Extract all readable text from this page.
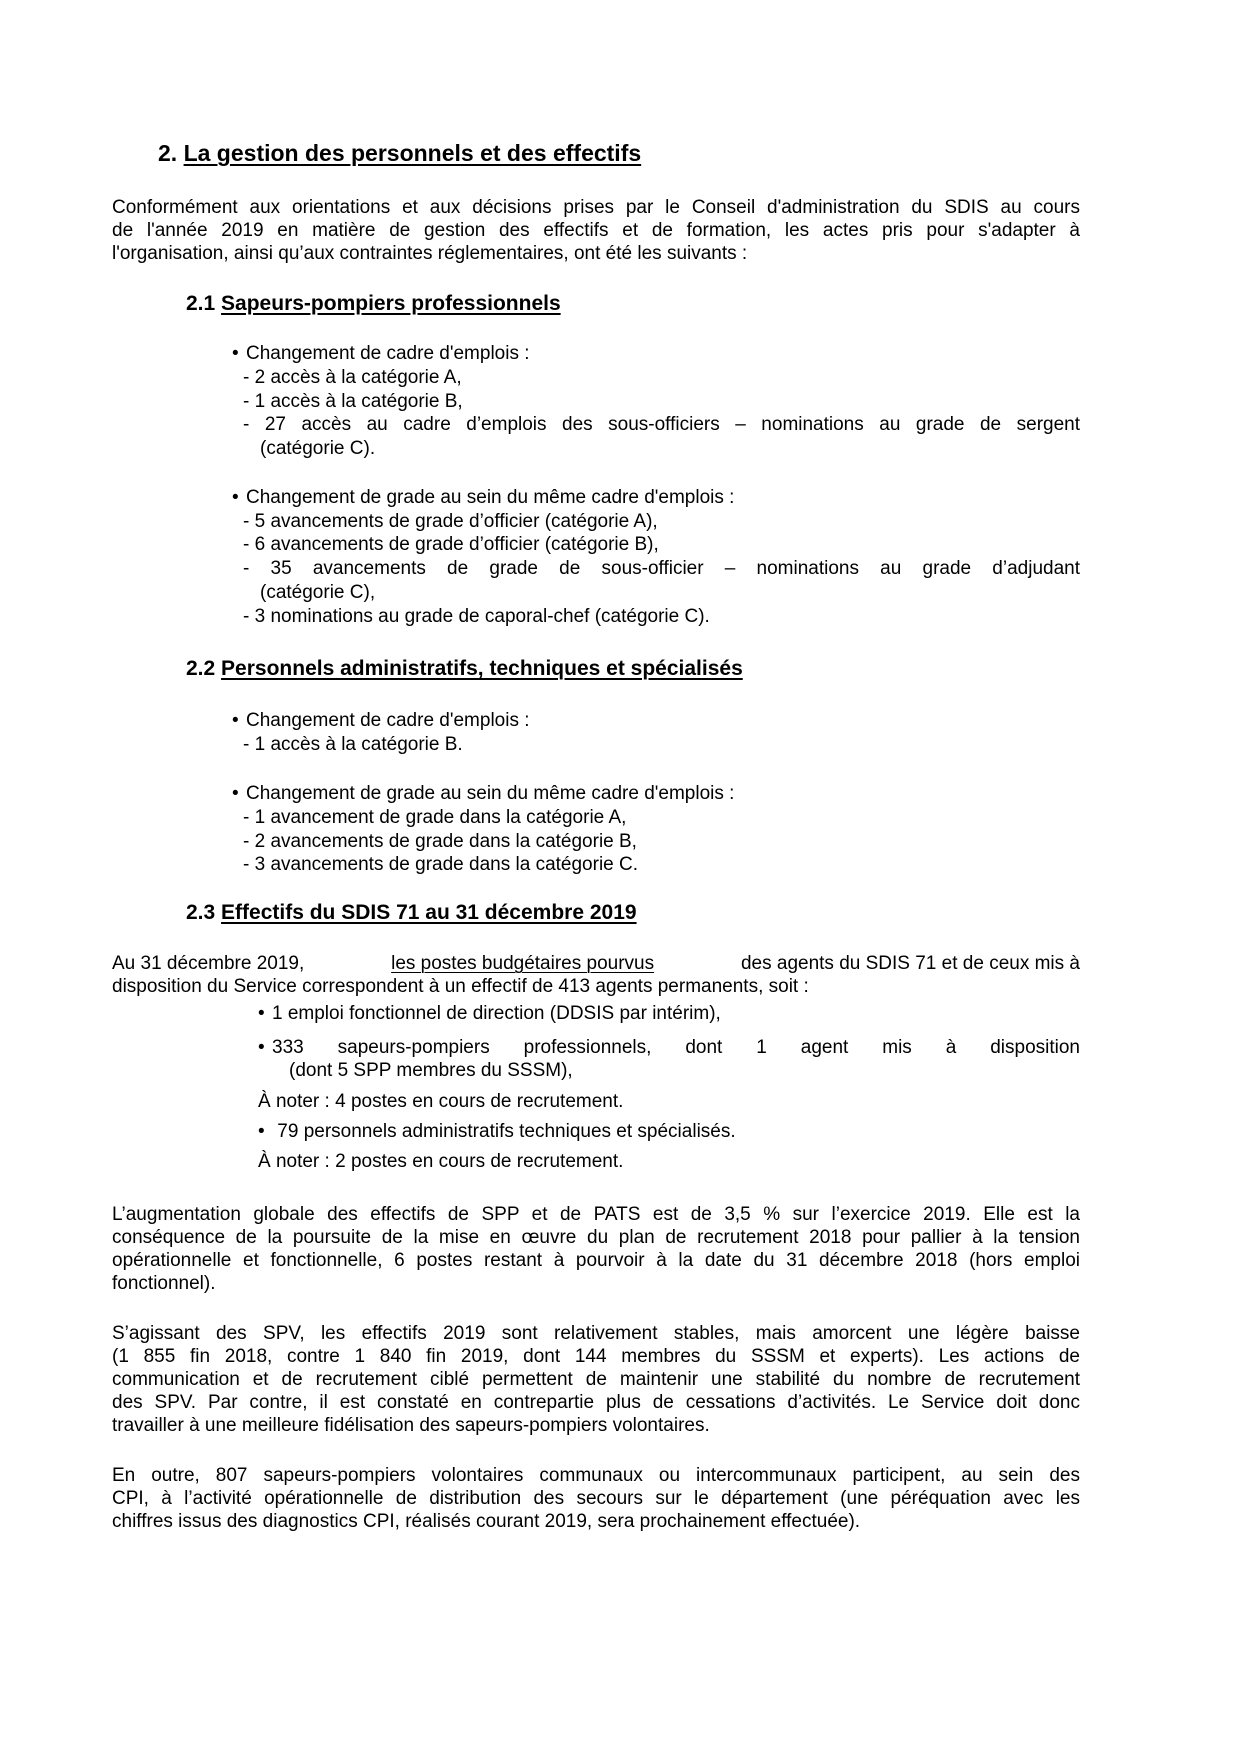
2. La gestion des personnels et des effectifs
Conformément aux orientations et aux décisions prises par le Conseil d'administration du SDIS au cours
de l'année 2019 en matière de gestion des effectifs et de formation, les actes pris pour s'adapter à
l'organisation, ainsi qu’aux contraintes réglementaires, ont été les suivants :
2.1 Sapeurs-pompiers professionnels
• Changement de cadre d'emplois :
- 2 accès à la catégorie A,
- 1 accès à la catégorie B,
- 27 accès au cadre d’emplois des sous-officiers – nominations au grade de sergent
(catégorie C).
• Changement de grade au sein du même cadre d'emplois :
- 5 avancements de grade d’officier (catégorie A),
- 6 avancements de grade d’officier (catégorie B),
- 35 avancements de grade de sous-officier – nominations au grade d’adjudant
(catégorie C),
- 3 nominations au grade de caporal-chef (catégorie C).
2.2 Personnels administratifs, techniques et spécialisés
• Changement de cadre d'emplois :
- 1 accès à la catégorie B.
• Changement de grade au sein du même cadre d'emplois :
- 1 avancement de grade dans la catégorie A,
- 2 avancements de grade dans la catégorie B,
- 3 avancements de grade dans la catégorie C.
2.3 Effectifs du SDIS 71 au 31 décembre 2019
Au 31 décembre 2019,	les postes budgétaires pourvus	des agents du SDIS 71 et de ceux mis à
disposition du Service correspondent à un effectif de 413 agents permanents, soit :
• 1 emploi fonctionnel de direction (DDSIS par intérim),
• 333 sapeurs-pompiers professionnels, dont 1 agent mis à disposition
(dont 5 SPP membres du SSSM),
À noter : 4 postes en cours de recrutement.
• 79 personnels administratifs techniques et spécialisés.
À noter : 2 postes en cours de recrutement.
L’augmentation globale des effectifs de SPP et de PATS est de 3,5 % sur l’exercice 2019. Elle est la
conséquence de la poursuite de la mise en œuvre du plan de recrutement 2018 pour pallier à la tension
opérationnelle et fonctionnelle, 6 postes restant à pourvoir à la date du 31 décembre 2018 (hors emploi
fonctionnel).
S’agissant des SPV, les effectifs 2019 sont relativement stables, mais amorcent une légère baisse
(1 855 fin 2018, contre 1 840 fin 2019, dont 144 membres du SSSM et experts). Les actions de
communication et de recrutement ciblé permettent de maintenir une stabilité du nombre de recrutement
des SPV. Par contre, il est constaté en contrepartie plus de cessations d’activités. Le Service doit donc
travailler à une meilleure fidélisation des sapeurs-pompiers volontaires.
En outre, 807 sapeurs-pompiers volontaires communaux ou intercommunaux participent, au sein des
CPI, à l’activité opérationnelle de distribution des secours sur le département (une péréquation avec les
chiffres issus des diagnostics CPI, réalisés courant 2019, sera prochainement effectuée).
